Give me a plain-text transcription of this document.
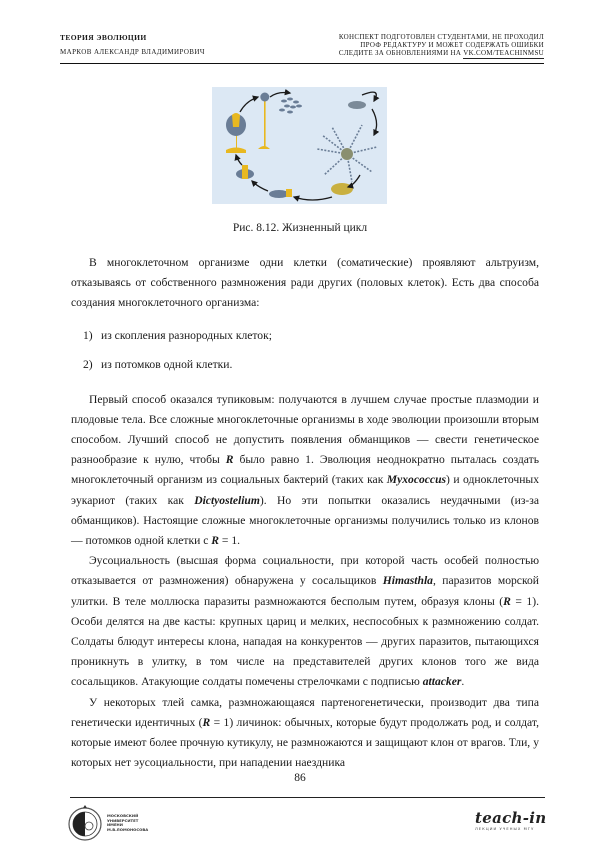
ТЕОРИЯ ЭВОЛЮЦИИ
МАРКОВ АЛЕКСАНДР ВЛАДИМИРОВИЧ
КОНСПЕКТ ПОДГОТОВЛЕН СТУДЕНТАМИ, НЕ ПРОХОДИЛ
ПРОФ РЕДАКТУРУ И МОЖЕТ СОДЕРЖАТЬ ОШИБКИ
СЛЕДИТЕ ЗА ОБНОВЛЕНИЯМИ НА VK.COM/TEACHINMSU
Рис. 8.12. Жизненный цикл

В многоклеточном организме одни клетки (соматические) проявляют альтруизм, отказываясь от собственного размножения ради других (половых клеток). Есть два способа создания многоклеточного организма:

1) из скопления разнородных клеток;
2) из потомков одной клетки.

Первый способ оказался тупиковым: получаются в лучшем случае простые плазмодии и плодовые тела. Все сложные многоклеточные организмы в ходе эволюции произошли вторым способом. Лучший способ не допустить появления обманщиков — свести генетическое разнообразие к нулю, чтобы R было равно 1. Эволюция неоднократно пыталась создать многоклеточный организм из социальных бактерий (таких как Myxococcus) и одноклеточных эукариот (таких как Dictyostelium). Но эти попытки оказались неудачными (из-за обманщиков). Настоящие сложные многоклеточные организмы получились только из клонов — потомков одной клетки с R = 1.

Эусоциальность (высшая форма социальности, при которой часть особей полностью отказывается от размножения) обнаружена у сосальщиков Himasthla, паразитов морской улитки. В теле моллюска паразиты размножаются бесполым путем, образуя клоны (R = 1). Особи делятся на две касты: крупных цариц и мелких, неспособных к размножению солдат. Солдаты блюдут интересы клона, нападая на конкурентов — других паразитов, пытающихся проникнуть в улитку, в том числе на представителей других клонов того же вида сосальщиков. Атакующие солдаты помечены стрелочками с подписью attacker.

У некоторых тлей самка, размножающаяся партеногенетически, производит два типа генетически идентичных (R = 1) личинок: обычных, которые будут продолжать род, и солдат, которые имеют более прочную кутикулу, не размножаются и защищают клон от врагов. Тли, у которых нет эусоциальности, при нападении наездника

86
МОСКОВСКИЙ
УНИВЕРСИТЕТ
ИМЕНИ
М.В.ЛОМОНОСОВА
teach-in
ЛЕКЦИИ УЧЕНЫХ МГУ
